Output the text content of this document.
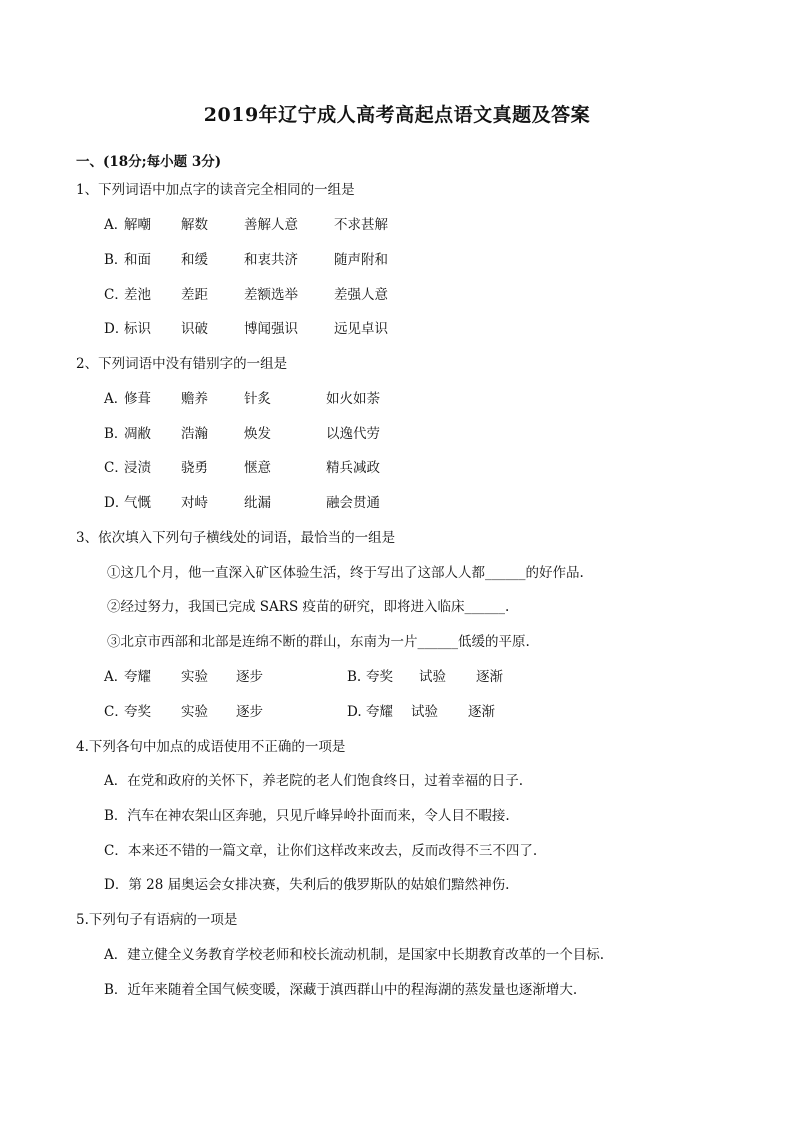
2019年辽宁成人高考高起点语文真题及答案
一、(18分;每小题 3分)
1、下列词语中加点字的读音完全相同的一组是
A．
解嘲 解数	善解人意	不求甚解
B．
和面 和缓	和衷共济	随声附和
C．
差池 差距	差额选举	差强人意
D．
标识 识破	博闻强识	远见卓识
2、下列词语中没有错别字的一组是
A．
修葺 赡养	针炙	如火如荼
B．
凋敝 浩瀚	焕发	以逸代劳
C．
浸渍 骁勇	惬意	精兵减政
D．
气慨 对峙	纰漏	融会贯通
3、依次填入下列句子横线处的词语，最恰当的一组是
①这几个月，他一直深入矿区体验生活，终于写出了这部人人都______的好作品.
②经过努力，我国已完成 SARS 疫苗的研究，即将进入临床______.
③北京市西部和北部是连绵不断的群山，东南为一片______低缓的平原.
A．
夸耀 实验 逐步	B. 夸奖 试验 逐渐
C．
夸奖 实验 逐步	D. 夸耀 试验 逐渐
4.下列各句中加点的成语使用不正确的一项是
A．在党和政府的关怀下，养老院的老人们饱食终日，过着幸福的日子.
B．汽车在神农架山区奔驰，只见斤峰异岭扑面而来，令人目不暇接.
C．本来还不错的一篇文章，让你们这样改来改去，反而改得不三不四了.
D．第 28 届奥运会女排决赛，失利后的俄罗斯队的姑娘们黯然神伤.
5.下列句子有语病的一项是
A．建立健全义务教育学校老师和校长流动机制，是国家中长期教育改革的一个目标.
B．近年来随着全国气候变暖，深藏于滇西群山中的程海湖的蒸发量也逐渐增大.
